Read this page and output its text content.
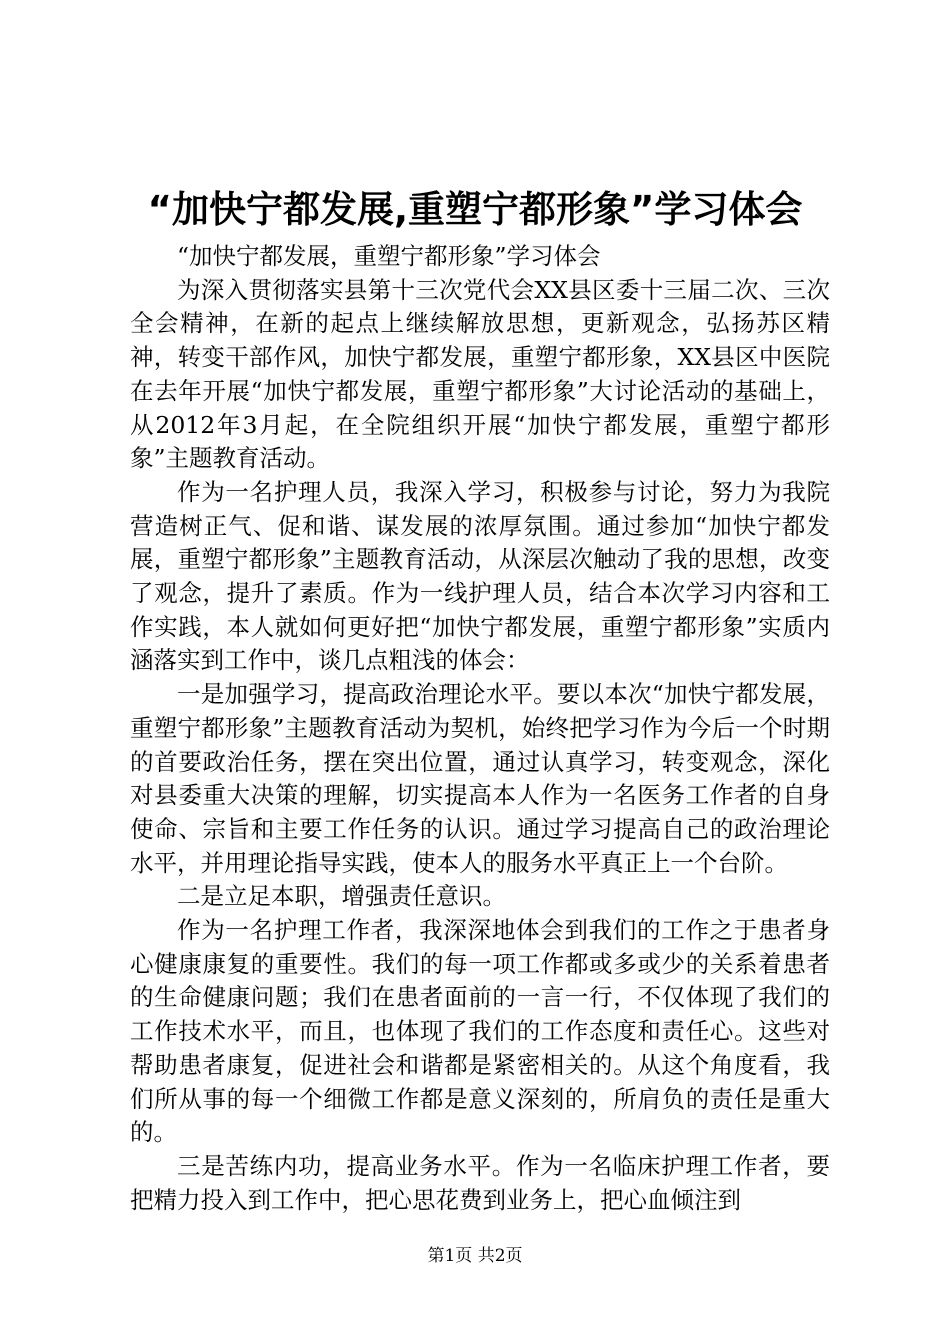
“加快宁都发展,重塑宁都形象”学习体会

“加快宁都发展，重塑宁都形象”学习体会

为深入贯彻落实县第十三次党代会XX县区委十三届二次、三次全会精神，在新的起点上继续解放思想，更新观念，弘扬苏区精神，转变干部作风，加快宁都发展，重塑宁都形象，XX县区中医院在去年开展“加快宁都发展，重塑宁都形象”大讨论活动的基础上，从2012年3月起，在全院组织开展“加快宁都发展，重塑宁都形象”主题教育活动。

作为一名护理人员，我深入学习，积极参与讨论，努力为我院营造树正气、促和谐、谋发展的浓厚氛围。通过参加“加快宁都发展，重塑宁都形象”主题教育活动，从深层次触动了我的思想，改变了观念，提升了素质。作为一线护理人员，结合本次学习内容和工作实践，本人就如何更好把“加快宁都发展，重塑宁都形象”实质内涵落实到工作中，谈几点粗浅的体会：

一是加强学习，提高政治理论水平。要以本次“加快宁都发展，重塑宁都形象”主题教育活动为契机，始终把学习作为今后一个时期的首要政治任务，摆在突出位置，通过认真学习，转变观念，深化对县委重大决策的理解，切实提高本人作为一名医务工作者的自身使命、宗旨和主要工作任务的认识。通过学习提高自己的政治理论水平，并用理论指导实践，使本人的服务水平真正上一个台阶。

二是立足本职，增强责任意识。

作为一名护理工作者，我深深地体会到我们的工作之于患者身心健康康复的重要性。我们的每一项工作都或多或少的关系着患者的生命健康问题；我们在患者面前的一言一行，不仅体现了我们的工作技术水平，而且，也体现了我们的工作态度和责任心。这些对帮助患者康复，促进社会和谐都是紧密相关的。从这个角度看，我们所从事的每一个细微工作都是意义深刻的，所肩负的责任是重大的。

三是苦练内功，提高业务水平。作为一名临床护理工作者，要把精力投入到工作中，把心思花费到业务上，把心血倾注到

第1页 共2页
